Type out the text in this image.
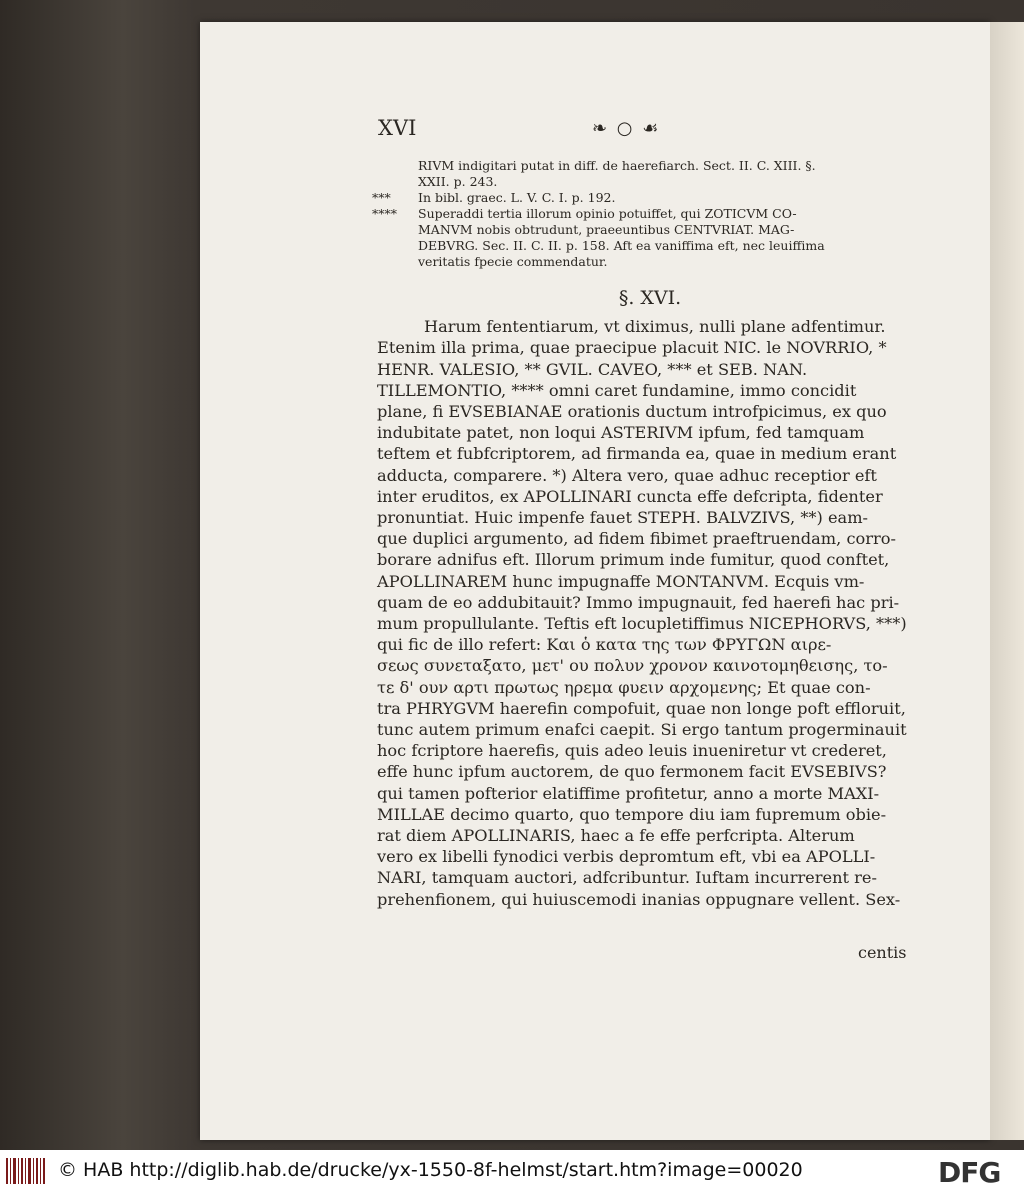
XVI	❧ ○ ☙
RIVM indigitari putat in diff. de haerefiarch. Sect. II. C. XIII. §.
XXII. p. 243.
*** In bibl. graec. L. V. C. I. p. 192.
**** Superaddi tertia illorum opinio potuiffet, qui ZOTICVM CO-
MANVM nobis obtrudunt, praeeuntibus CENTVRIAT. MAG-
DEBVRG. Sec. II. C. II. p. 158. Aft ea vaniffima eft, nec leuiffima
veritatis fpecie commendatur.
§. XVI.
Harum fententiarum, vt diximus, nulli plane adfentimur.
Etenim illa prima, quae praecipue placuit NIC. le NOVRRIO, *
HENR. VALESIO, ** GVIL. CAVEO, *** et SEB. NAN.
TILLEMONTIO, **** omni caret fundamine, immo concidit
plane, fi EVSEBIANAE orationis ductum introfpicimus, ex quo
indubitate patet, non loqui ASTERIVM ipfum, fed tamquam
teftem et fubfcriptorem, ad firmanda ea, quae in medium erant
adducta, comparere. *) Altera vero, quae adhuc receptior eft
inter eruditos, ex APOLLINARI cuncta effe defcripta, fidenter
pronuntiat. Huic impenfe fauet STEPH. BALVZIVS, **) eam-
que duplici argumento, ad fidem fibimet praeftruendam, corro-
borare adnifus eft. Illorum primum inde fumitur, quod conftet,
APOLLINAREM hunc impugnaffe MONTANVM. Ecquis vm-
quam de eo addubitauit? Immo impugnauit, fed haerefi hac pri-
mum propullulante. Teftis eft locupletiffimus NICEPHORVS, ***)
qui fic de illo refert: Και ὁ κατα της των ΦΡΥΓΩΝ αιρε-
σεως συνεταξατο, μετ' ου πολυν χρονον καινοτομηθεισης, το-
τε δ' ουν αρτι πρωτως ηρεμα φυειν αρχομενης; Et quae con-
tra PHRYGVM haerefin compofuit, quae non longe poft effloruit,
tunc autem primum enafci caepit. Si ergo tantum progerminauit
hoc fcriptore haerefis, quis adeo leuis inueniretur vt crederet,
effe hunc ipfum auctorem, de quo fermonem facit EVSEBIVS?
qui tamen pofterior elatiffime profitetur, anno a morte MAXI-
MILLAE decimo quarto, quo tempore diu iam fupremum obie-
rat diem APOLLINARIS, haec a fe effe perfcripta. Alterum
vero ex libelli fynodici verbis depromtum eft, vbi ea APOLLI-
NARI, tamquam auctori, adfcribuntur. Iuftam incurrerent re-
prehenfionem, qui huiuscemodi inanias oppugnare vellent. Sex-
centis
© HAB http://diglib.hab.de/drucke/yx-1550-8f-helmst/start.htm?image=00020	DFG
